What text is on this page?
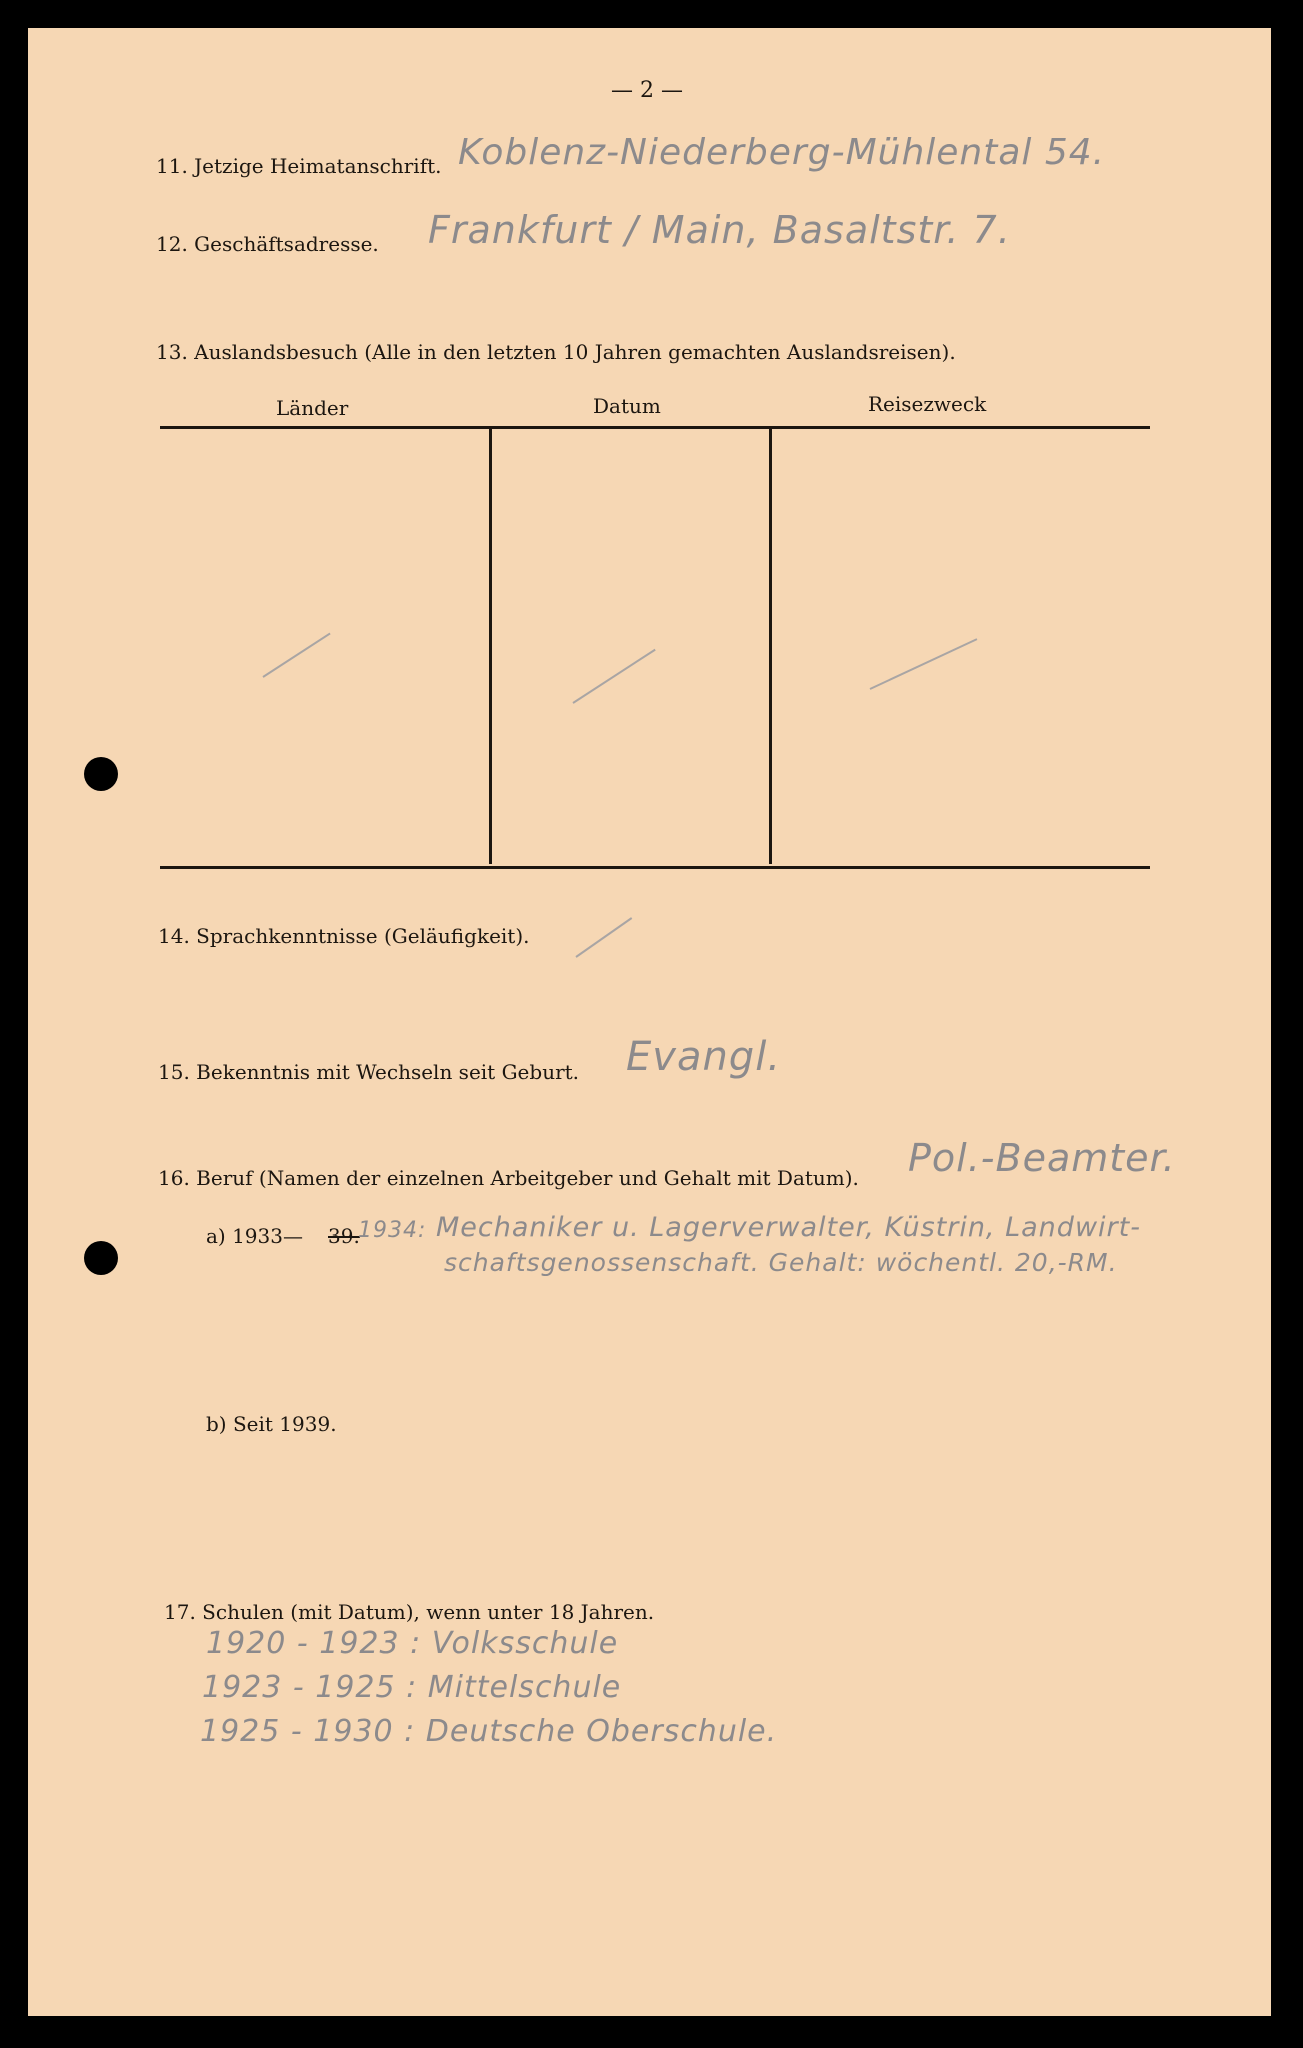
— 2 —
11. Jetzige Heimatanschrift. Koblenz-Niederberg-Mühlental 54.
12. Geschäftsadresse. Frankfurt / Main, Basaltstr. 7.
13. Auslandsbesuch (Alle in den letzten 10 Jahren gemachten Auslandsreisen).
Länder	Datum	Reisezweck
14. Sprachkenntnisse (Geläufigkeit).
15. Bekenntnis mit Wechseln seit Geburt. Evangl.
16. Beruf (Namen der einzelnen Arbeitgeber und Gehalt mit Datum). Pol.-Beamter.
a) 1933— 39.
1934: Mechaniker u. Lagerverwalter, Küstrin, Landwirt-
schaftsgenossenschaft. Gehalt: wöchentl. 20,-RM.
b) Seit 1939.
17. Schulen (mit Datum), wenn unter 18 Jahren.
1920 - 1923 : Volksschule
1923 - 1925 : Mittelschule
1925 - 1930 : Deutsche Oberschule.
